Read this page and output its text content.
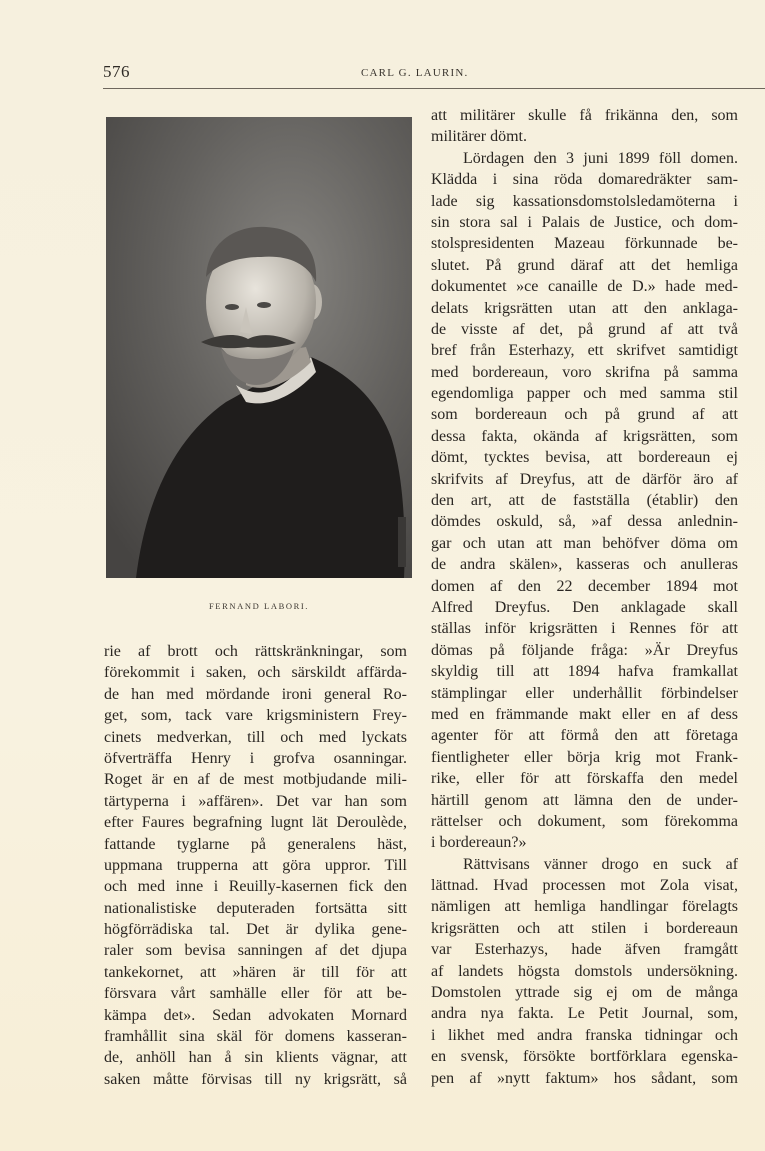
576	CARL G. LAURIN.
FERNAND LABORI.
rie af brott och rättskränkningar, som
förekommit i saken, och särskildt affärda-
de han med mördande ironi general Ro-
get, som, tack vare krigsministern Frey-
cinets medverkan, till och med lyckats
öfverträffa Henry i grofva osanningar.
Roget är en af de mest motbjudande mili-
tärtyperna i »affären». Det var han som
efter Faures begrafning lugnt lät Deroulède,
fattande tyglarne på generalens häst,
uppmana trupperna att göra uppror. Till
och med inne i Reuilly-kasernen fick den
nationalistiske deputeraden fortsätta sitt
högförrädiska tal. Det är dylika gene-
raler som bevisa sanningen af det djupa
tankekornet, att »hären är till för att
försvara vårt samhälle eller för att be-
kämpa det». Sedan advokaten Mornard
framhållit sina skäl för domens kasseran-
de, anhöll han å sin klients vägnar, att
saken måtte förvisas till ny krigsrätt, så
att militärer skulle få frikänna den, som
militärer dömt.
Lördagen den 3 juni 1899 föll domen.
Klädda i sina röda domaredräkter sam-
lade sig kassationsdomstolsledamöterna i
sin stora sal i Palais de Justice, och dom-
stolspresidenten Mazeau förkunnade be-
slutet. På grund däraf att det hemliga
dokumentet »ce canaille de D.» hade med-
delats krigsrätten utan att den anklaga-
de visste af det, på grund af att två
bref från Esterhazy, ett skrifvet samtidigt
med bordereaun, voro skrifna på samma
egendomliga papper och med samma stil
som bordereaun och på grund af att
dessa fakta, okända af krigsrätten, som
dömt, tycktes bevisa, att bordereaun ej
skrifvits af Dreyfus, att de därför äro af
den art, att de fastställa (établir) den
dömdes oskuld, så, »af dessa anlednin-
gar och utan att man behöfver döma om
de andra skälen», kasseras och anulleras
domen af den 22 december 1894 mot
Alfred Dreyfus. Den anklagade skall
ställas inför krigsrätten i Rennes för att
dömas på följande fråga: »Är Dreyfus
skyldig till att 1894 hafva framkallat
stämplingar eller underhållit förbindelser
med en främmande makt eller en af dess
agenter för att förmå den att företaga
fientligheter eller börja krig mot Frank-
rike, eller för att förskaffa den medel
härtill genom att lämna den de under-
rättelser och dokument, som förekomma
i bordereaun?»
Rättvisans vänner drogo en suck af
lättnad. Hvad processen mot Zola visat,
nämligen att hemliga handlingar förelagts
krigsrätten och att stilen i bordereaun
var Esterhazys, hade äfven framgått
af landets högsta domstols undersökning.
Domstolen yttrade sig ej om de många
andra nya fakta. Le Petit Journal, som,
i likhet med andra franska tidningar och
en svensk, försökte bortförklara egenska-
pen af »nytt faktum» hos sådant, som
